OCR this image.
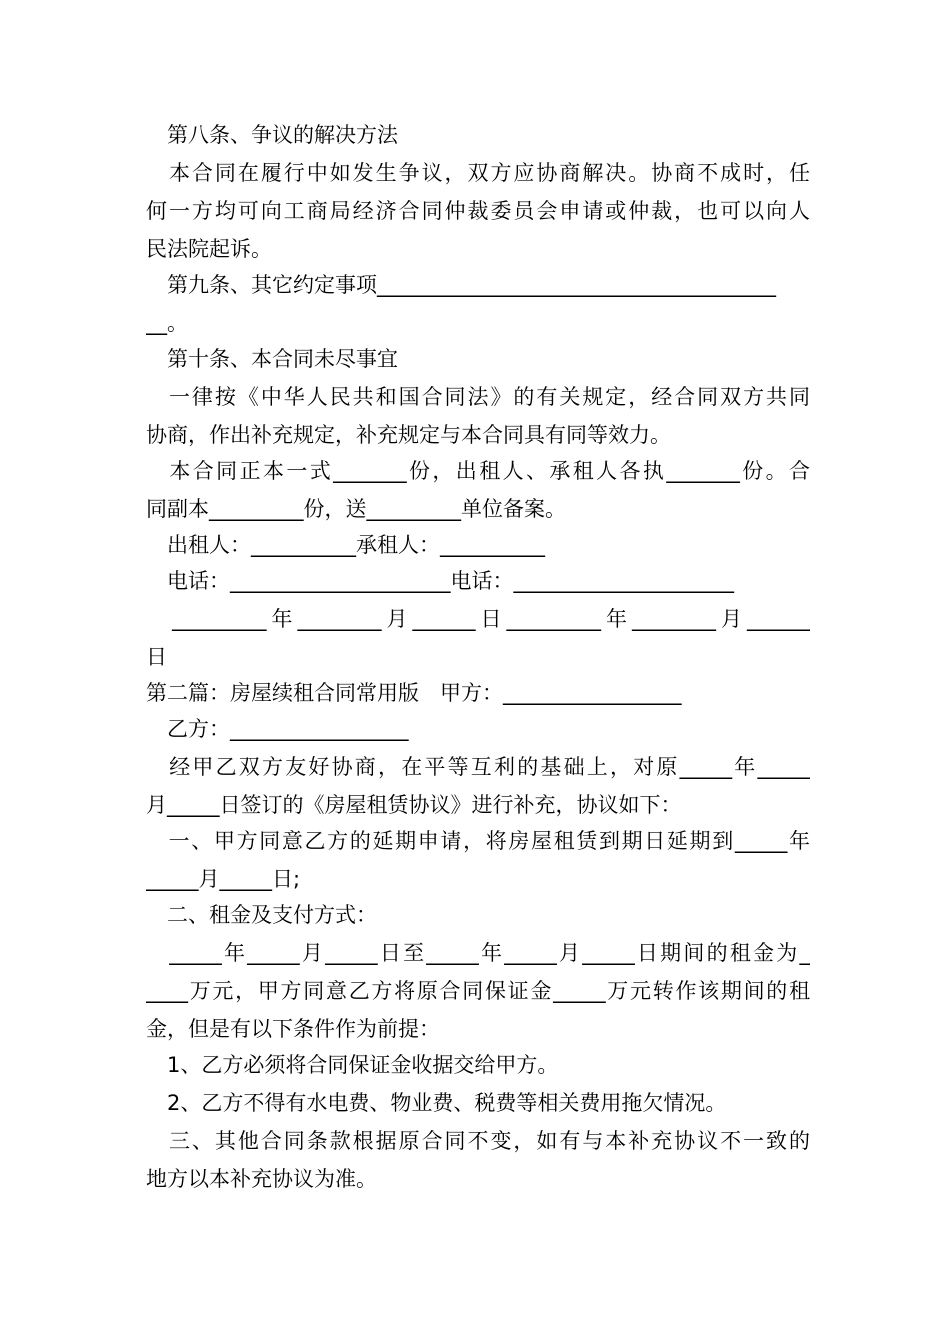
　第八条、争议的解决方法
　本合同在履行中如发生争议，双方应协商解决。协商不成时，任
何一方均可向工商局经济合同仲裁委员会申请或仲裁，也可以向人
民法院起诉。
　第九条、其它约定事项______________________________________
__。
　第十条、本合同未尽事宜
　一律按《中华人民共和国合同法》的有关规定，经合同双方共同
协商，作出补充规定，补充规定与本合同具有同等效力。
　本合同正本一式_______份，出租人、承租人各执_______份。合
同副本_________份，送_________单位备案。
　出租人：__________承租人：__________
　电话：_____________________电话：_____________________
　_________年________月______日_________年________月______
日
第二篇：房屋续租合同常用版　甲方：_________________
　乙方：_________________
　经甲乙双方友好协商，在平等互利的基础上，对原_____年_____
月_____日签订的《房屋租赁协议》进行补充，协议如下：
　一、甲方同意乙方的延期申请，将房屋租赁到期日延期到_____年
_____月_____日;
　二、租金及支付方式：
　_____年_____月_____日至_____年_____月_____日期间的租金为_
____万元，甲方同意乙方将原合同保证金_____万元转作该期间的租
金，但是有以下条件作为前提：
　1、乙方必须将合同保证金收据交给甲方。
　2、乙方不得有水电费、物业费、税费等相关费用拖欠情况。
　三、其他合同条款根据原合同不变，如有与本补充协议不一致的
地方以本补充协议为准。
